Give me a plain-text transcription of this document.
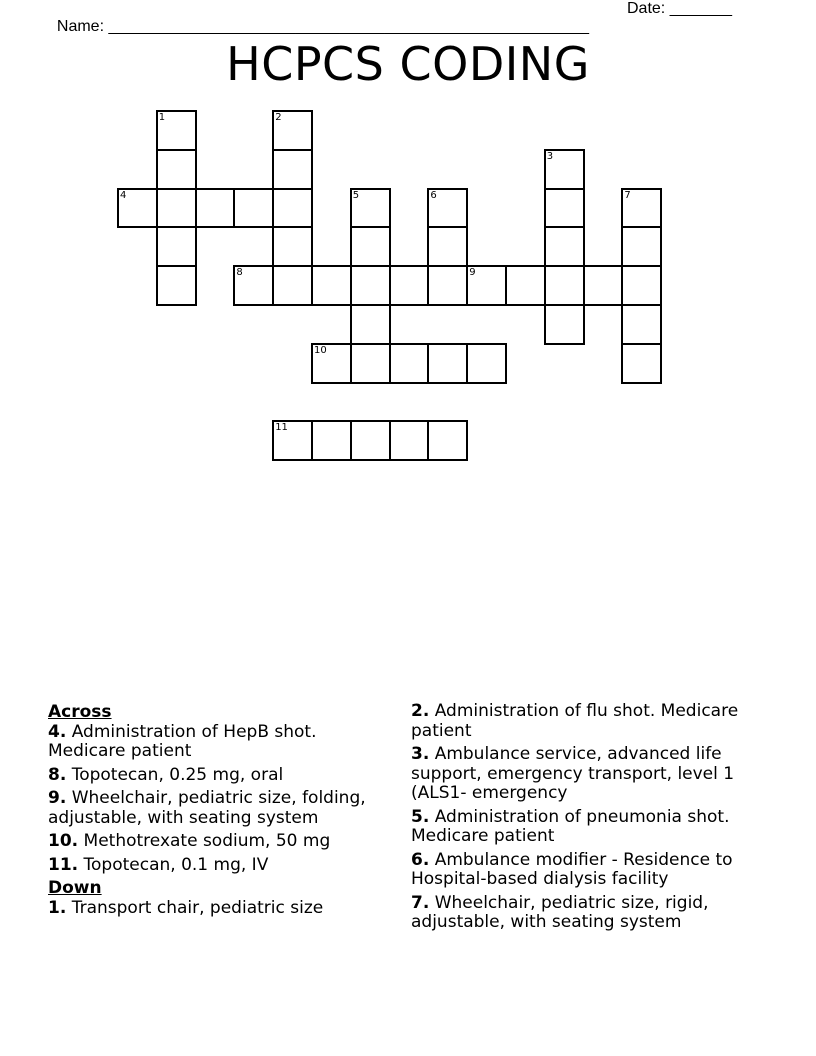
Name: ______________________________________________________

Date: _______

HCPCS CODING
4
8	9
10
11
1	2
3
5	6	7
Across
4. Administration of HepB shot. Medicare patient
8. Topotecan, 0.25 mg, oral
9. Wheelchair, pediatric size, folding, adjustable, with seating system
10. Methotrexate sodium, 50 mg
11. Topotecan, 0.1 mg, IV
Down
1. Transport chair, pediatric size
2. Administration of flu shot. Medicare patient
3. Ambulance service, advanced life support, emergency transport, level 1 (ALS1- emergency
5. Administration of pneumonia shot. Medicare patient
6. Ambulance modifier - Residence to Hospital-based dialysis facility
7. Wheelchair, pediatric size, rigid, adjustable, with seating system
